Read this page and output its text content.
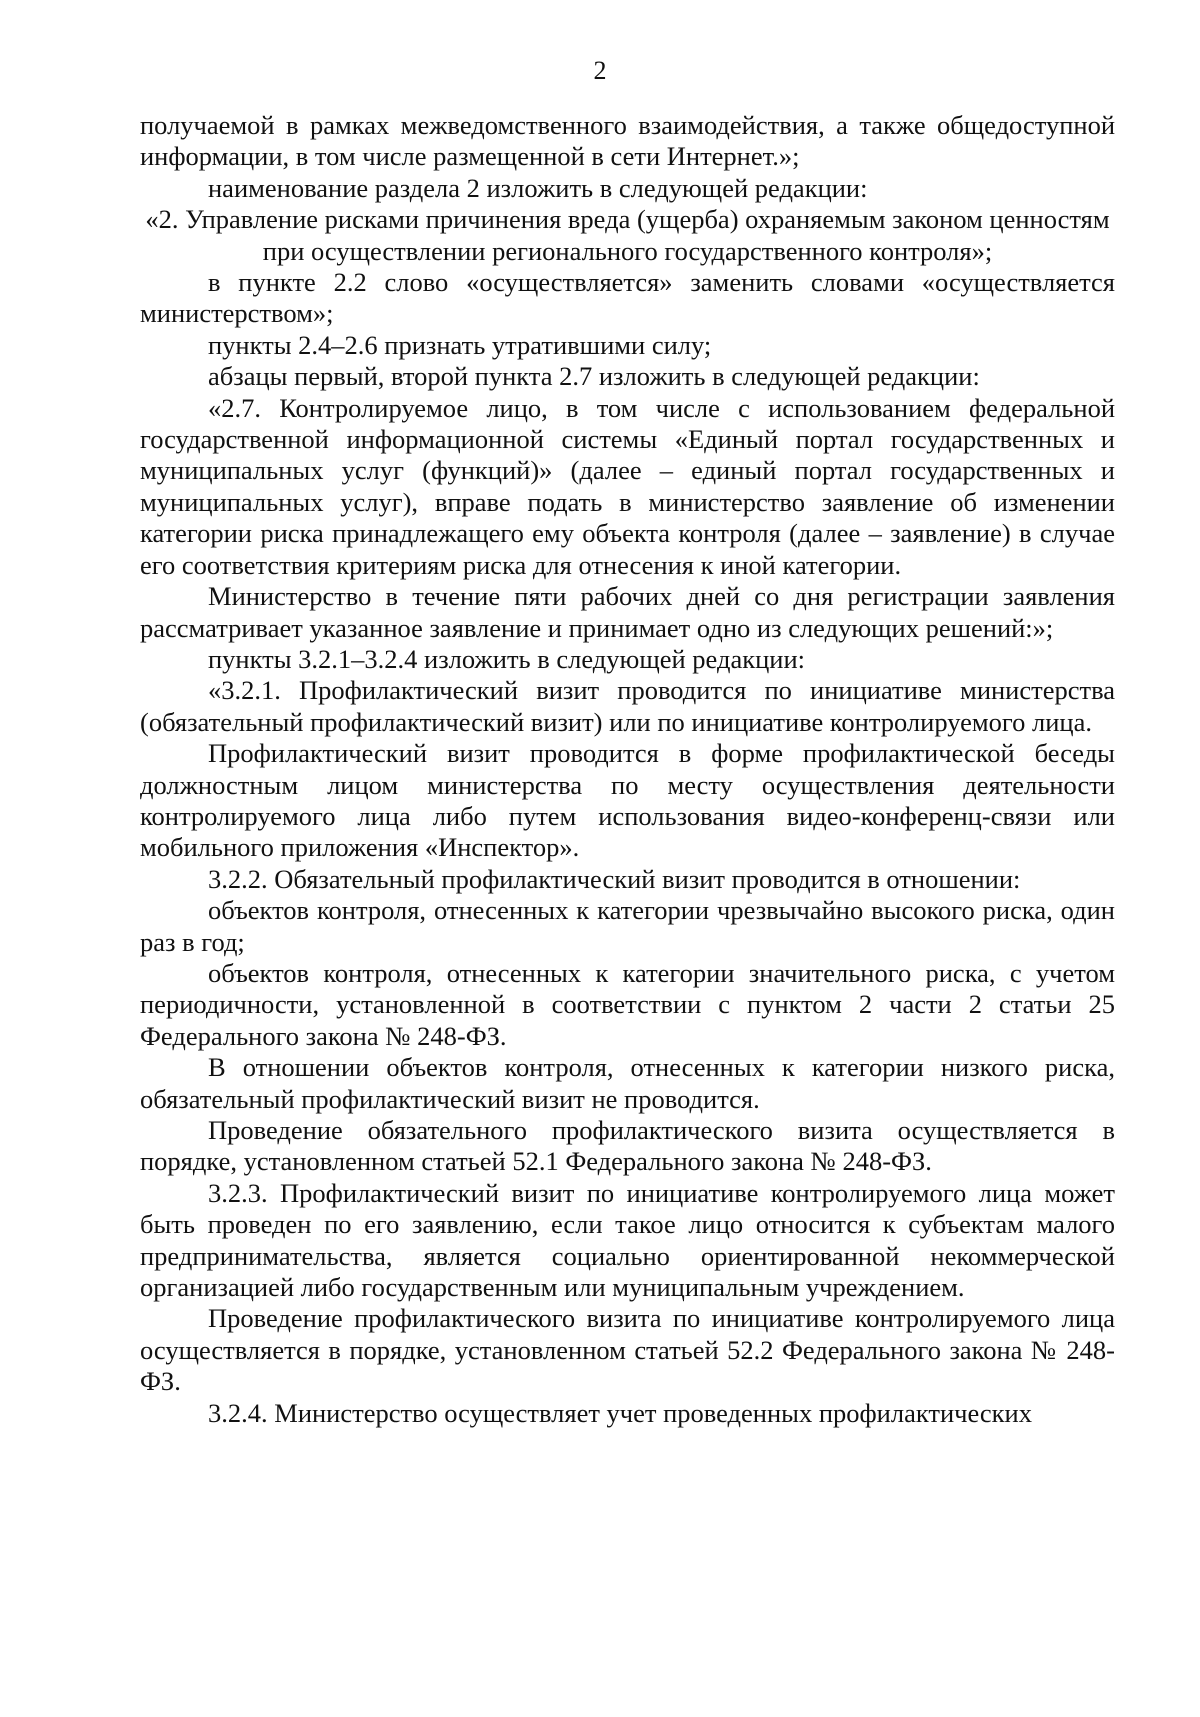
2

получаемой в рамках межведомственного взаимодействия, а также общедоступной информации, в том числе размещенной в сети Интернет.»;

наименование раздела 2 изложить в следующей редакции:

«2. Управление рисками причинения вреда (ущерба) охраняемым законом ценностям при осуществлении регионального государственного контроля»;

в пункте 2.2 слово «осуществляется» заменить словами «осуществляется министерством»;

пункты 2.4–2.6 признать утратившими силу;

абзацы первый, второй пункта 2.7 изложить в следующей редакции:

«2.7. Контролируемое лицо, в том числе с использованием федеральной государственной информационной системы «Единый портал государственных и муниципальных услуг (функций)» (далее – единый портал государственных и муниципальных услуг), вправе подать в министерство заявление об изменении категории риска принадлежащего ему объекта контроля (далее – заявление) в случае его соответствия критериям риска для отнесения к иной категории.

Министерство в течение пяти рабочих дней со дня регистрации заявления рассматривает указанное заявление и принимает одно из следующих решений:»;

пункты 3.2.1–3.2.4 изложить в следующей редакции:

«3.2.1. Профилактический визит проводится по инициативе министерства (обязательный профилактический визит) или по инициативе контролируемого лица.

Профилактический визит проводится в форме профилактической беседы должностным лицом министерства по месту осуществления деятельности контролируемого лица либо путем использования видео-конференц-связи или мобильного приложения «Инспектор».

3.2.2. Обязательный профилактический визит проводится в отношении:

объектов контроля, отнесенных к категории чрезвычайно высокого риска, один раз в год;

объектов контроля, отнесенных к категории значительного риска, с учетом периодичности, установленной в соответствии с пунктом 2 части 2 статьи 25 Федерального закона № 248-ФЗ.

В отношении объектов контроля, отнесенных к категории низкого риска, обязательный профилактический визит не проводится.

Проведение обязательного профилактического визита осуществляется в порядке, установленном статьей 52.1 Федерального закона № 248-ФЗ.

3.2.3. Профилактический визит по инициативе контролируемого лица может быть проведен по его заявлению, если такое лицо относится к субъектам малого предпринимательства, является социально ориентированной некоммерческой организацией либо государственным или муниципальным учреждением.

Проведение профилактического визита по инициативе контролируемого лица осуществляется в порядке, установленном статьей 52.2 Федерального закона № 248-ФЗ.

3.2.4. Министерство осуществляет учет проведенных профилактических
